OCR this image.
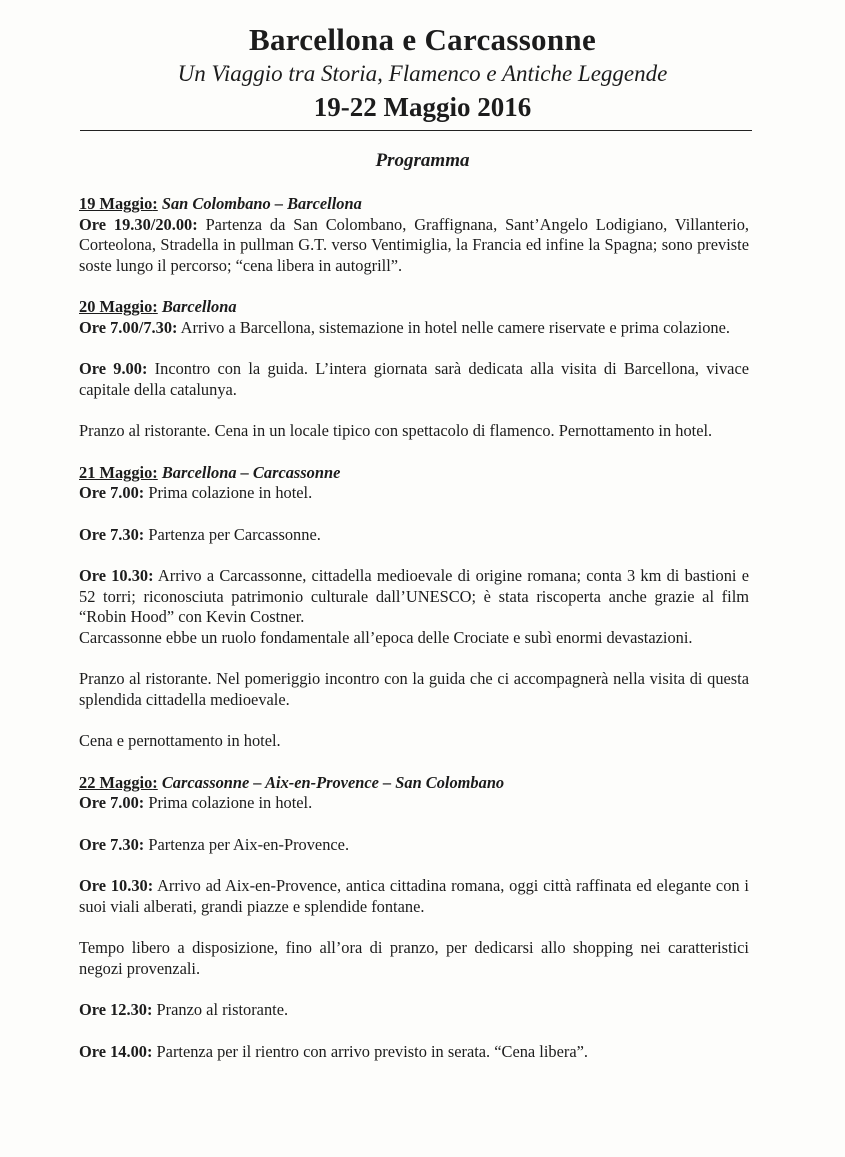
Barcellona e Carcassonne
Un Viaggio tra Storia, Flamenco e Antiche Leggende
19-22 Maggio 2016
Programma
19 Maggio: San Colombano – Barcellona

Ore 19.30/20.00: Partenza da San Colombano, Graffignana, Sant’Angelo Lodigiano, Villanterio, Corteolona, Stradella in pullman G.T. verso Ventimiglia, la Francia ed infine la Spagna; sono previste soste lungo il percorso; “cena libera in autogrill”.

20 Maggio: Barcellona

Ore 7.00/7.30: Arrivo a Barcellona, sistemazione in hotel nelle camere riservate e prima colazione.

Ore 9.00: Incontro con la guida. L’intera giornata sarà dedicata alla visita di Barcellona, vivace capitale della catalunya.

Pranzo al ristorante. Cena in un locale tipico con spettacolo di flamenco. Pernottamento in hotel.

21 Maggio: Barcellona – Carcassonne

Ore 7.00: Prima colazione in hotel.

Ore 7.30: Partenza per Carcassonne.

Ore 10.30: Arrivo a Carcassonne, cittadella medioevale di origine romana; conta 3 km di bastioni e 52 torri; riconosciuta patrimonio culturale dall’UNESCO; è stata riscoperta anche grazie al film “Robin Hood” con Kevin Costner.

Carcassonne ebbe un ruolo fondamentale all’epoca delle Crociate e subì enormi devastazioni.

Pranzo al ristorante. Nel pomeriggio incontro con la guida che ci accompagnerà nella visita di questa splendida cittadella medioevale.

Cena e pernottamento in hotel.

22 Maggio: Carcassonne – Aix-en-Provence – San Colombano

Ore 7.00: Prima colazione in hotel.

Ore 7.30: Partenza per Aix-en-Provence.

Ore 10.30: Arrivo ad Aix-en-Provence, antica cittadina romana, oggi città raffinata ed elegante con i suoi viali alberati, grandi piazze e splendide fontane.

Tempo libero a disposizione, fino all’ora di pranzo, per dedicarsi allo shopping nei caratteristici negozi provenzali.

Ore 12.30: Pranzo al ristorante.

Ore 14.00: Partenza per il rientro con arrivo previsto in serata. “Cena libera”.
